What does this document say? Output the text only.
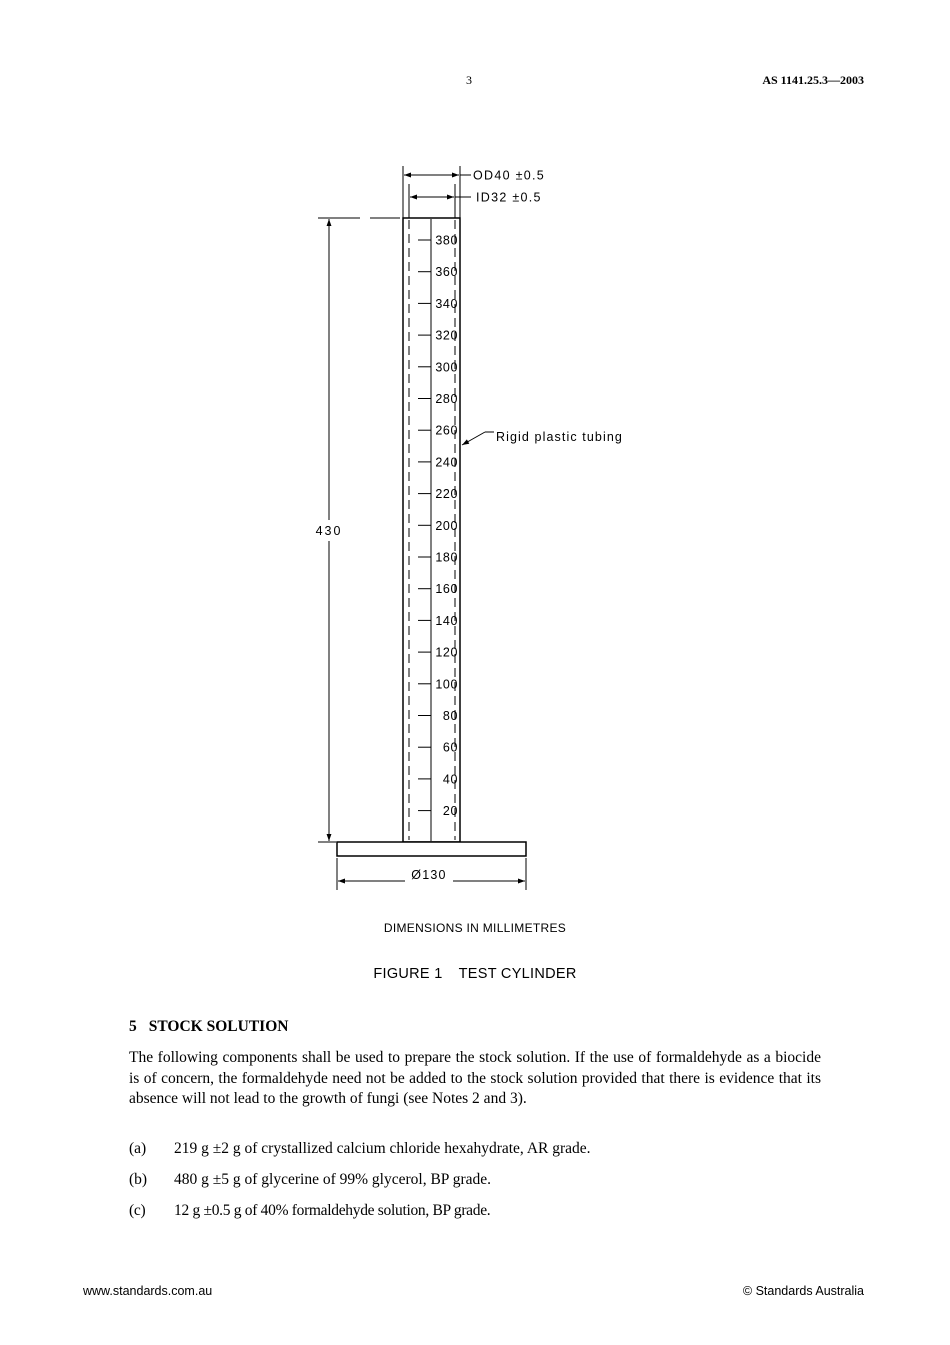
3	AS 1141.25.3—2003
OD40 ±0.5
ID32 ±0.5
430
380
360
340
320
300
280
260
240
220
200
180
160
140
120
100
80
60
40
20
Rigid plastic tubing
Ø130
DIMENSIONS IN MILLIMETRES
FIGURE 1 TEST CYLINDER
5 STOCK SOLUTION
The following components shall be used to prepare the stock solution. If the use of formaldehyde as a biocide is of concern, the formaldehyde need not be added to the stock solution provided that there is evidence that its absence will not lead to the growth of fungi (see Notes 2 and 3).
(a) 219 g ±2 g of crystallized calcium chloride hexahydrate, AR grade.
(b) 480 g ±5 g of glycerine of 99% glycerol, BP grade.
(c) 12 g ±0.5 g of 40% formaldehyde solution, BP grade.
www.standards.com.au	© Standards Australia
